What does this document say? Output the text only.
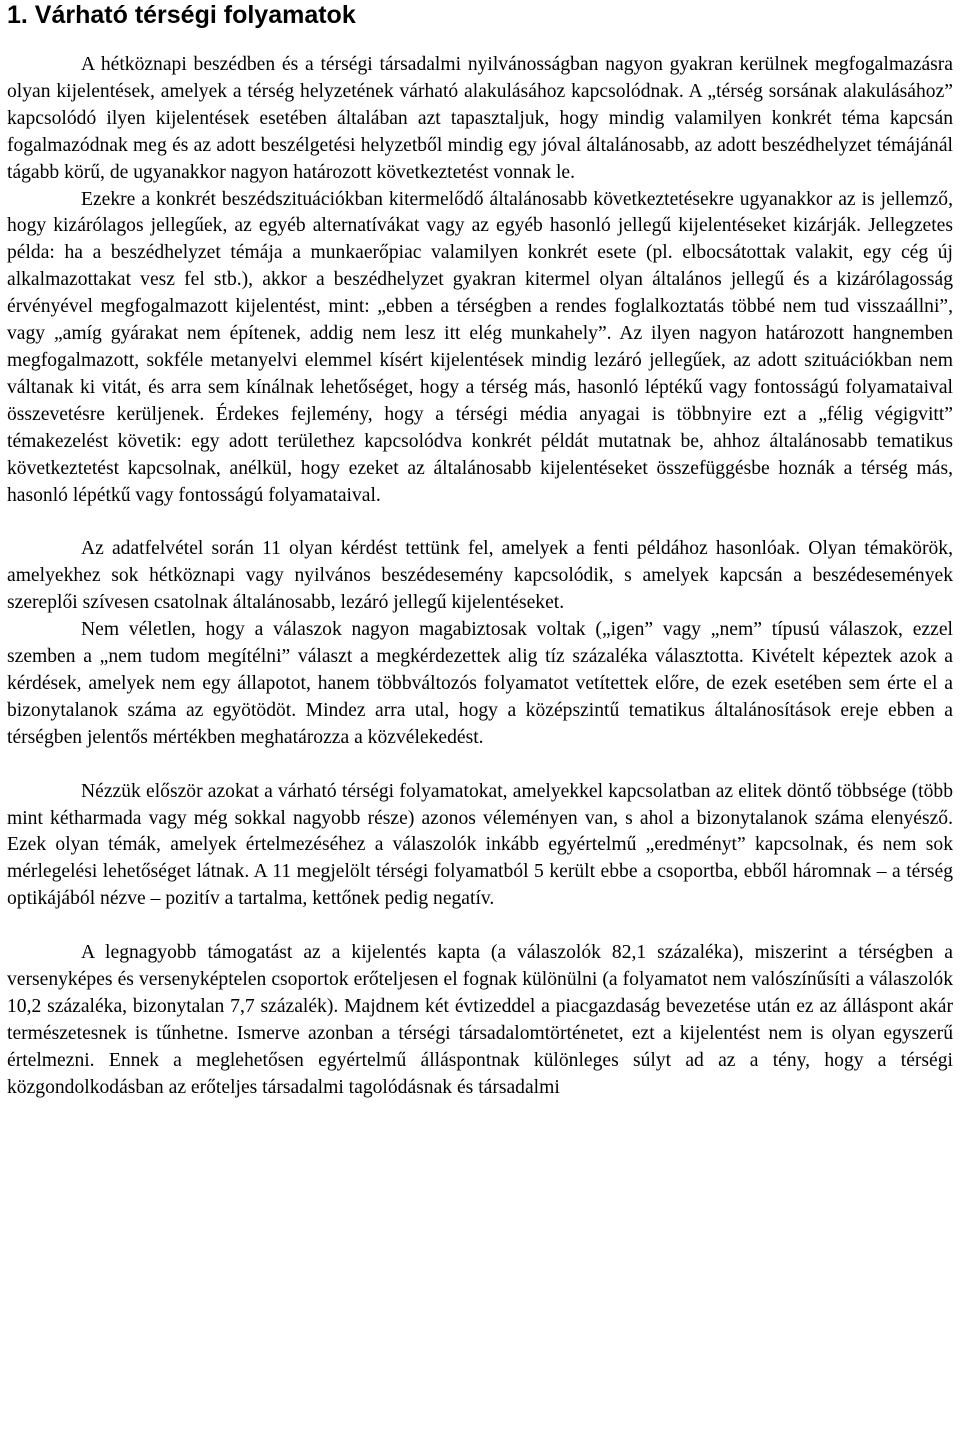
1. Várható térségi folyamatok

A hétköznapi beszédben és a térségi társadalmi nyilvánosságban nagyon gyakran kerülnek megfogalmazásra olyan kijelentések, amelyek a térség helyzetének várható alakulásához kapcsolódnak. A „térség sorsának alakulásához” kapcsolódó ilyen kijelentések esetében általában azt tapasztaljuk, hogy mindig valamilyen konkrét téma kapcsán fogalmazódnak meg és az adott beszélgetési helyzetből mindig egy jóval általánosabb, az adott beszédhelyzet témájánál tágabb körű, de ugyanakkor nagyon határozott következtetést vonnak le.

Ezekre a konkrét beszédszituációkban kitermelődő általánosabb következtetésekre ugyanakkor az is jellemző, hogy kizárólagos jellegűek, az egyéb alternatívákat vagy az egyéb hasonló jellegű kijelentéseket kizárják. Jellegzetes példa: ha a beszédhelyzet témája a munkaerőpiac valamilyen konkrét esete (pl. elbocsátottak valakit, egy cég új alkalmazottakat vesz fel stb.), akkor a beszédhelyzet gyakran kitermel olyan általános jellegű és a kizárólagosság érvényével megfogalmazott kijelentést, mint: „ebben a térségben a rendes foglalkoztatás többé nem tud visszaállni”, vagy „amíg gyárakat nem építenek, addig nem lesz itt elég munkahely”. Az ilyen nagyon határozott hangnemben megfogalmazott, sokféle metanyelvi elemmel kísért kijelentések mindig lezáró jellegűek, az adott szituációkban nem váltanak ki vitát, és arra sem kínálnak lehetőséget, hogy a térség más, hasonló léptékű vagy fontosságú folyamataival összevetésre kerüljenek. Érdekes fejlemény, hogy a térségi média anyagai is többnyire ezt a „félig végigvitt” témakezelést követik: egy adott területhez kapcsolódva konkrét példát mutatnak be, ahhoz általánosabb tematikus következtetést kapcsolnak, anélkül, hogy ezeket az általánosabb kijelentéseket összefüggésbe hoznák a térség más, hasonló lépétkű vagy fontosságú folyamataival.

Az adatfelvétel során 11 olyan kérdést tettünk fel, amelyek a fenti példához hasonlóak. Olyan témakörök, amelyekhez sok hétköznapi vagy nyilvános beszédesemény kapcsolódik, s amelyek kapcsán a beszédesemények szereplői szívesen csatolnak általánosabb, lezáró jellegű kijelentéseket.

Nem véletlen, hogy a válaszok nagyon magabiztosak voltak („igen” vagy „nem” típusú válaszok, ezzel szemben a „nem tudom megítélni” választ a megkérdezettek alig tíz százaléka választotta. Kivételt képeztek azok a kérdések, amelyek nem egy állapotot, hanem többváltozós folyamatot vetítettek előre, de ezek esetében sem érte el a bizonytalanok száma az egyötödöt. Mindez arra utal, hogy a középszintű tematikus általánosítások ereje ebben a térségben jelentős mértékben meghatározza a közvélekedést.

Nézzük először azokat a várható térségi folyamatokat, amelyekkel kapcsolatban az elitek döntő többsége (több mint kétharmada vagy még sokkal nagyobb része) azonos véleményen van, s ahol a bizonytalanok száma elenyésző. Ezek olyan témák, amelyek értelmezéséhez a válaszolók inkább egyértelmű „eredményt” kapcsolnak, és nem sok mérlegelési lehetőséget látnak. A 11 megjelölt térségi folyamatból 5 került ebbe a csoportba, ebből háromnak – a térség optikájából nézve – pozitív a tartalma, kettőnek pedig negatív.

A legnagyobb támogatást az a kijelentés kapta (a válaszolók 82,1 százaléka), miszerint a térségben a versenyképes és versenyképtelen csoportok erőteljesen el fognak különülni (a folyamatot nem valószínűsíti a válaszolók 10,2 százaléka, bizonytalan 7,7 százalék). Majdnem két évtizeddel a piacgazdaság bevezetése után ez az álláspont akár természetesnek is tűnhetne. Ismerve azonban a térségi társadalomtörténetet, ezt a kijelentést nem is olyan egyszerű értelmezni. Ennek a meglehetősen egyértelmű álláspontnak különleges súlyt ad az a tény, hogy a térségi közgondolkodásban az erőteljes társadalmi tagolódásnak és társadalmi
